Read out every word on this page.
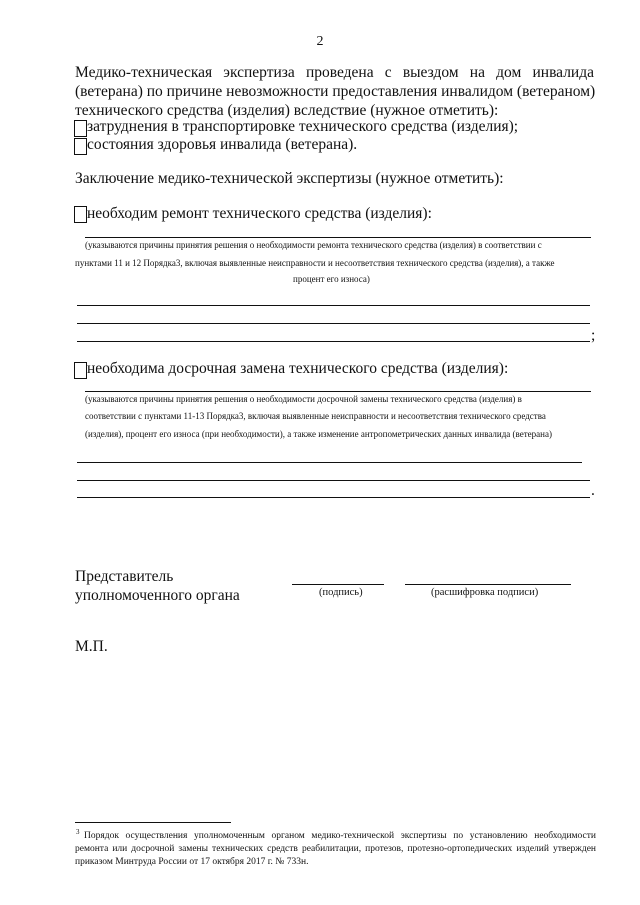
2
Медико-техническая экспертиза проведена с выездом на дом инвалида
(ветерана) по причине невозможности предоставления инвалидом (ветераном)
технического средства (изделия) вследствие (нужное отметить):
затруднения в транспортировке технического средства (изделия);
состояния здоровья инвалида (ветерана).
Заключение медико-технической экспертизы (нужное отметить):
необходим ремонт технического средства (изделия):
(указываются причины принятия решения о необходимости ремонта технического средства (изделия) в соответствии с
пунктами 11 и 12 Порядка3, включая выявленные неисправности и несоответствия технического средства (изделия), а также
процент его износа)
;
необходима досрочная замена технического средства (изделия):
(указываются причины принятия решения о необходимости досрочной замены технического средства (изделия) в
соответствии с пунктами 11-13 Порядка3, включая выявленные неисправности и несоответствия технического средства
(изделия), процент его износа (при необходимости), а также изменение антропометрических данных инвалида (ветерана)
.
Представитель
уполномоченного органа	(подпись)	(расшифровка подписи)
М.П.
3 Порядок осуществления уполномоченным органом медико-технической экспертизы по установлению необходимости
ремонта или досрочной замены технических средств реабилитации, протезов, протезно-ортопедических изделий утвержден
приказом Минтруда России от 17 октября 2017 г. № 733н.
